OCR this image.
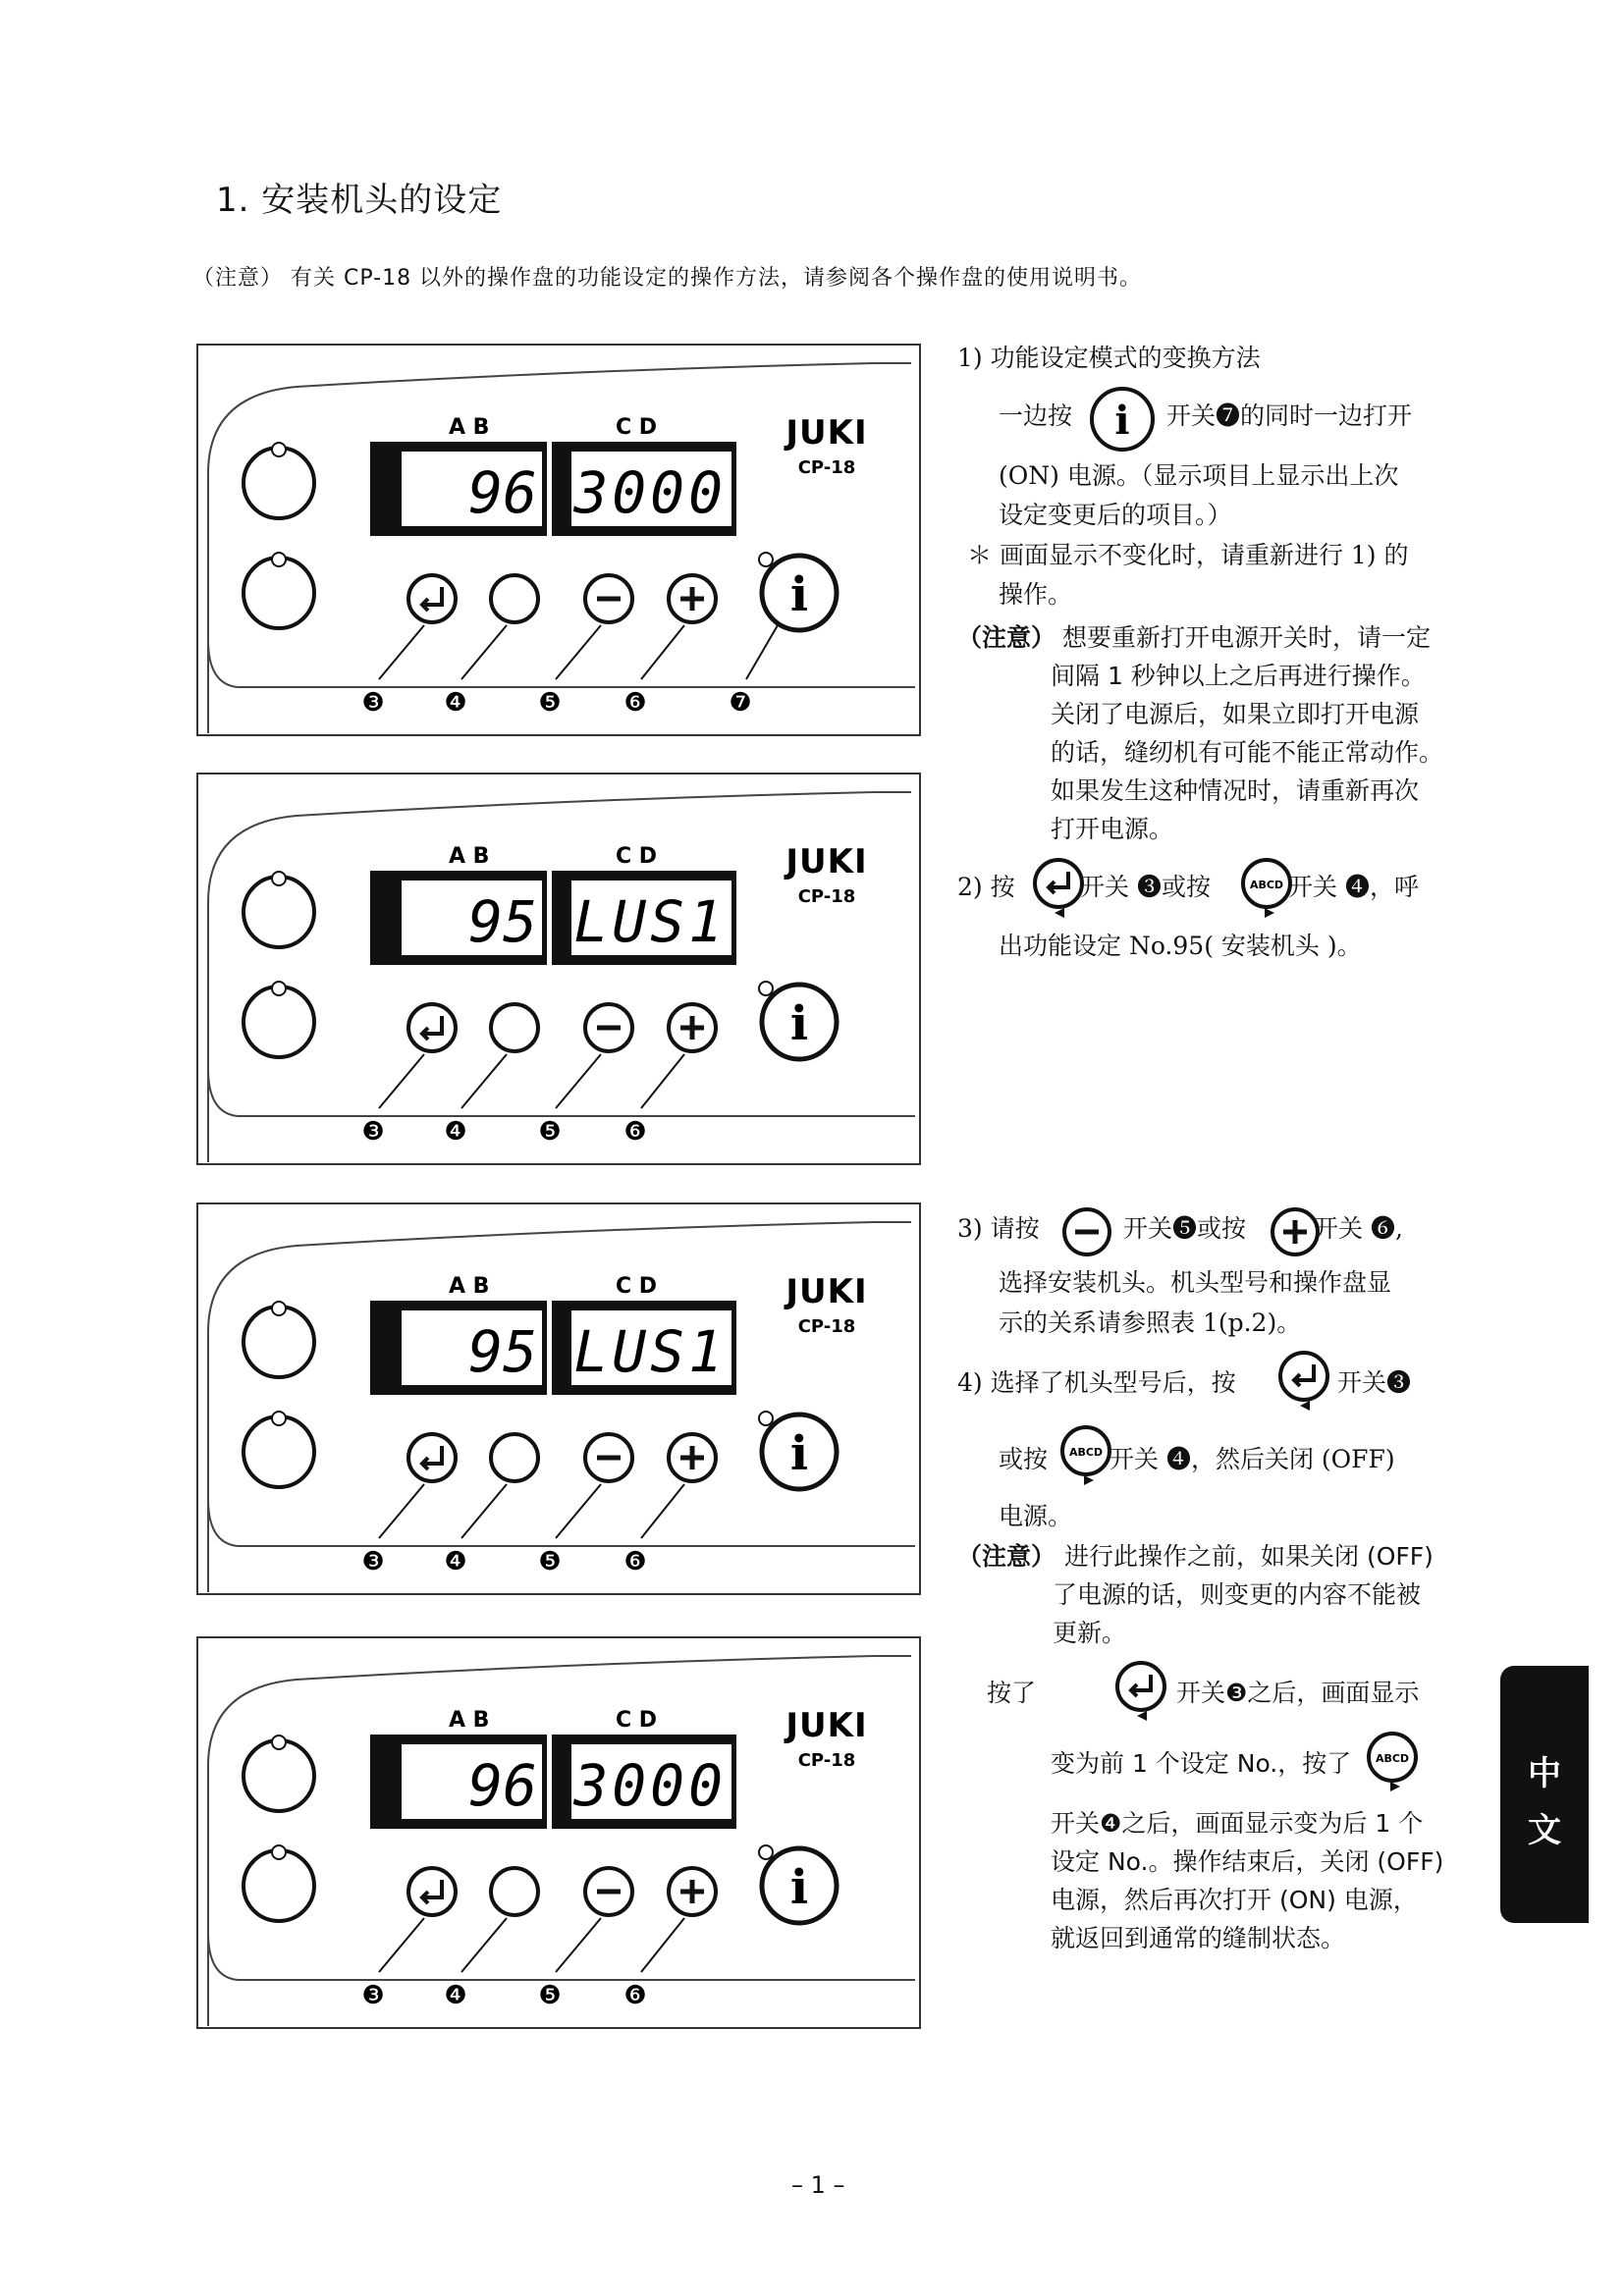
1. 安装机头的设定
（注意） 有关 CP-18 以外的操作盘的功能设定的操作方法，请参阅各个操作盘的使用说明书。
A B	C D
96 3000
JUKI
CP-18
i
❸ ❹	❺ ❻	❼
A B	C D
95 LUS1
JUKI
CP-18
i
❸ ❹	❺ ❻
A B	C D
95 LUS1
JUKI
CP-18
i
❸ ❹	❺ ❻
A B	C D
96 3000
JUKI
CP-18
i
❸ ❹	❺ ❻
1) 功能设定模式的变换方法
一边按 i 开关❼的同时一边打开
(ON) 电源。（显示项目上显示出上次
设定变更后的项目。）
＊ 画面显示不变化时，请重新进行 1) 的
操作。
（注意） 想要重新打开电源开关时，请一定
间隔 1 秒钟以上之后再进行操作。
关闭了电源后，如果立即打开电源
的话，缝纫机有可能不能正常动作。
如果发生这种情况时，请重新再次
打开电源。
2) 按	开关 ❸或按	ABCD 开关 ❹，呼
出功能设定 No.95( 安装机头 )。
3) 请按	开关❺或按	开关 ❻,
选择安装机头。机头型号和操作盘显
示的关系请参照表 1(p.2)。
4) 选择了机头型号后，按	开关❸
或按 ABCD 开关 ❹，然后关闭 (OFF)
电源。
（注意） 进行此操作之前，如果关闭 (OFF)
了电源的话，则变更的内容不能被
更新。
按了	开关❸之后，画面显示
变为前 1 个设定 No.，按了 ABCD
开关❹之后，画面显示变为后 1 个
设定 No.。操作结束后，关闭 (OFF)
电源，然后再次打开 (ON) 电源，
就返回到通常的缝制状态。
中
文
– 1 –
